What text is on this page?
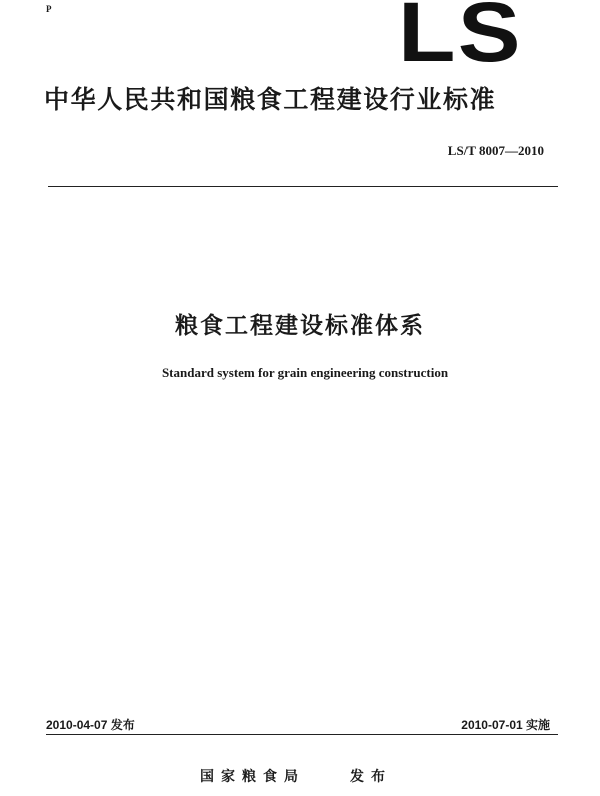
P	LS
中华人民共和国粮食工程建设行业标准
LS/T 8007—2010
粮食工程建设标准体系
Standard system for grain engineering construction
2010-04-07 发布	2010-07-01 实施
国家粮食局	发布
